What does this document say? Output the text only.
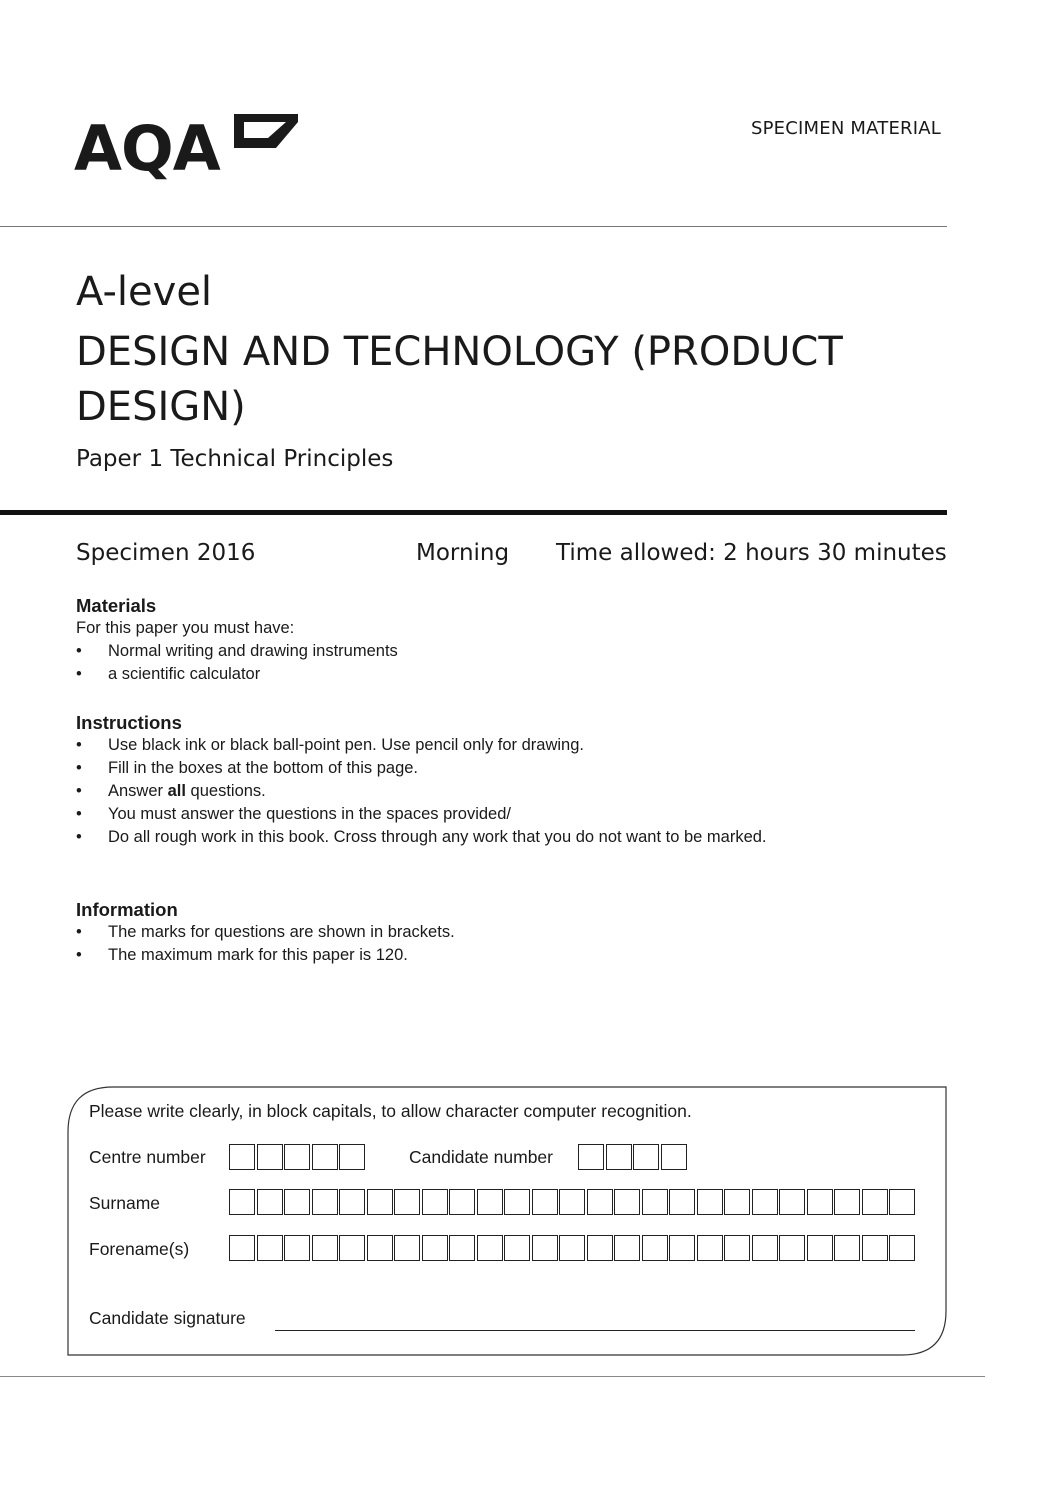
AQA	SPECIMEN MATERIAL
A-level
DESIGN AND TECHNOLOGY (PRODUCT
DESIGN)
Paper 1 Technical Principles
Specimen 2016	Morning Time allowed: 2 hours 30 minutes
Materials
For this paper you must have:
• Normal writing and drawing instruments
• a scientific calculator
Instructions
• Use black ink or black ball-point pen. Use pencil only for drawing.
• Fill in the boxes at the bottom of this page.
• Answer all questions.
• You must answer the questions in the spaces provided/
• Do all rough work in this book. Cross through any work that you do not want to be marked.
Information
• The marks for questions are shown in brackets.
• The maximum mark for this paper is 120.
Please write clearly, in block capitals, to allow character computer recognition.
Centre number	Candidate number
Surname
Forename(s)
Candidate signature
